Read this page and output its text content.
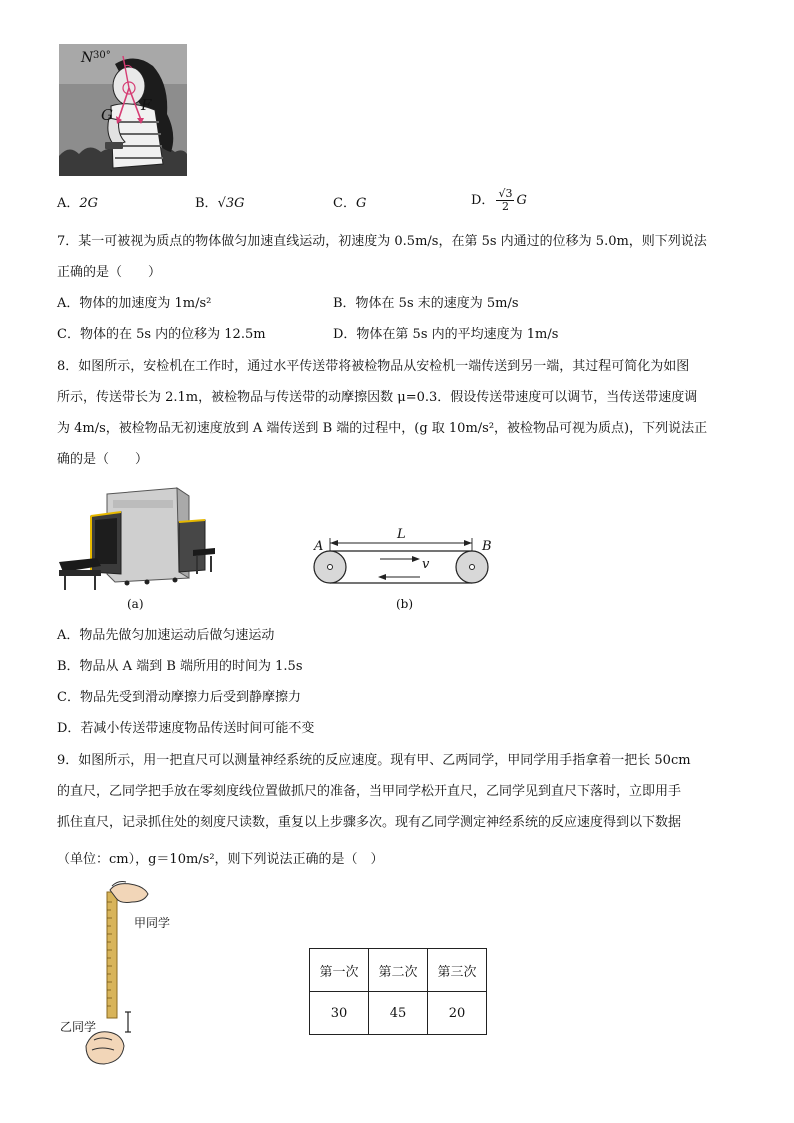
N 30°
F
G
A．2G	B．√3G	C．G	D． $\frac{√3}{2}$ G
7．某一可被视为质点的物体做匀加速直线运动，初速度为 0.5m/s，在第 5s 内通过的位移为 5.0m，则下列说法
正确的是（　　）
A．物体的加速度为 1m/s²	B．物体在 5s 末的速度为 5m/s
C．物体的在 5s 内的位移为 12.5m	D．物体在第 5s 内的平均速度为 1m/s
8．如图所示，安检机在工作时，通过水平传送带将被检物品从安检机一端传送到另一端，其过程可简化为如图
所示，传送带长为 2.1m，被检物品与传送带的动摩擦因数 μ=0.3．假设传送带速度可以调节，当传送带速度调
为 4m/s，被检物品无初速度放到 A 端传送到 B 端的过程中，(g 取 10m/s²，被检物品可视为质点)，下列说法正
确的是（　　）
(a)
A	B
L
v
(b)
A．物品先做匀加速运动后做匀速运动
B．物品从 A 端到 B 端所用的时间为 1.5s
C．物品先受到滑动摩擦力后受到静摩擦力
D．若减小传送带速度物品传送时间可能不变
9．如图所示，用一把直尺可以测量神经系统的反应速度。现有甲、乙两同学，甲同学用手指拿着一把长 50cm
的直尺，乙同学把手放在零刻度线位置做抓尺的准备，当甲同学松开直尺，乙同学见到直尺下落时，立即用手
抓住直尺，记录抓住处的刻度尺读数，重复以上步骤多次。现有乙同学测定神经系统的反应速度得到以下数据
（单位：cm），g＝10m/s²，则下列说法正确的是（　）
甲同学
乙同学
第一次	第二次	第三次
30	45	20
